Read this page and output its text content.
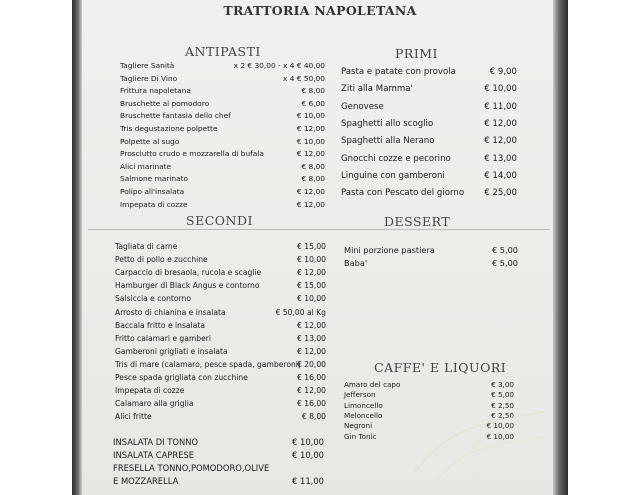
TRATTORIA NAPOLETANA
ANTIPASTI
Tagliere Sanità	x 2 € 30,00 - x 4 € 40,00
Tagliere Di Vino	x 4 € 50,00
Frittura napoletana	€ 8,00
Bruschette al pomodoro	€ 6,00
Bruschette fantasia dello chef	€ 10,00
Tris degustazione polpette	€ 12,00
Polpette al sugo	€ 10,00
Prosciutto crudo e mozzarella di bufala	€ 12,00
Alici marinate	€ 8,00
Salmone marinato	€ 8,00
Polipo all'insalata	€ 12,00
Impepata di cozze	€ 12,00
PRIMI
Pasta e patate con provola	€ 9,00
Ziti alla Mamma'	€ 10,00
Genovese	€ 11,00
Spaghetti allo scoglio	€ 12,00
Spaghetti alla Nerano	€ 12,00
Gnocchi cozze e pecorino	€ 13,00
Linguine con gamberoni	€ 14,00
Pasta con Pescato del giorno € 25,00
SECONDI
Tagliata di carne	€ 15,00
Petto di pollo e zucchine	€ 10,00
Carpaccio di bresaola, rucola e scaglie	€ 12,00
Hamburger di Black Angus e contorno	€ 15,00
Salsiccia e contorno	€ 10,00
Arrosto di chianina e insalata	€ 50,00 al Kg
Baccala fritto e insalata	€ 12,00
Fritto calamari e gamberi	€ 13,00
Gamberoni grigliati e insalata	€ 12,00
Tris di mare (calamaro, pesce spada, gamberoni)
€ 20,00
Pesce spada grigliata con zucchine	€ 16,00
Impepata di cozze	€ 12,00
Calamaro alla griglia	€ 16,00
Alici fritte	€ 8,00
INSALATA DI TONNO	€ 10,00
INSALATA CAPRESE	€ 10,00
FRESELLA TONNO,POMODORO,OLIVE
E MOZZARELLA	€ 11,00
DESSERT
Mini porzione pastiera	€ 5,00
Baba'	€ 5,00
CAFFE' E LIQUORI
Amaro del capo	€ 3,00
Jefferson	€ 5,00
Limoncello	€ 2,50
Meloncello	€ 2,50
Negroni	€ 10,00
Gin Tonic	€ 10,00
